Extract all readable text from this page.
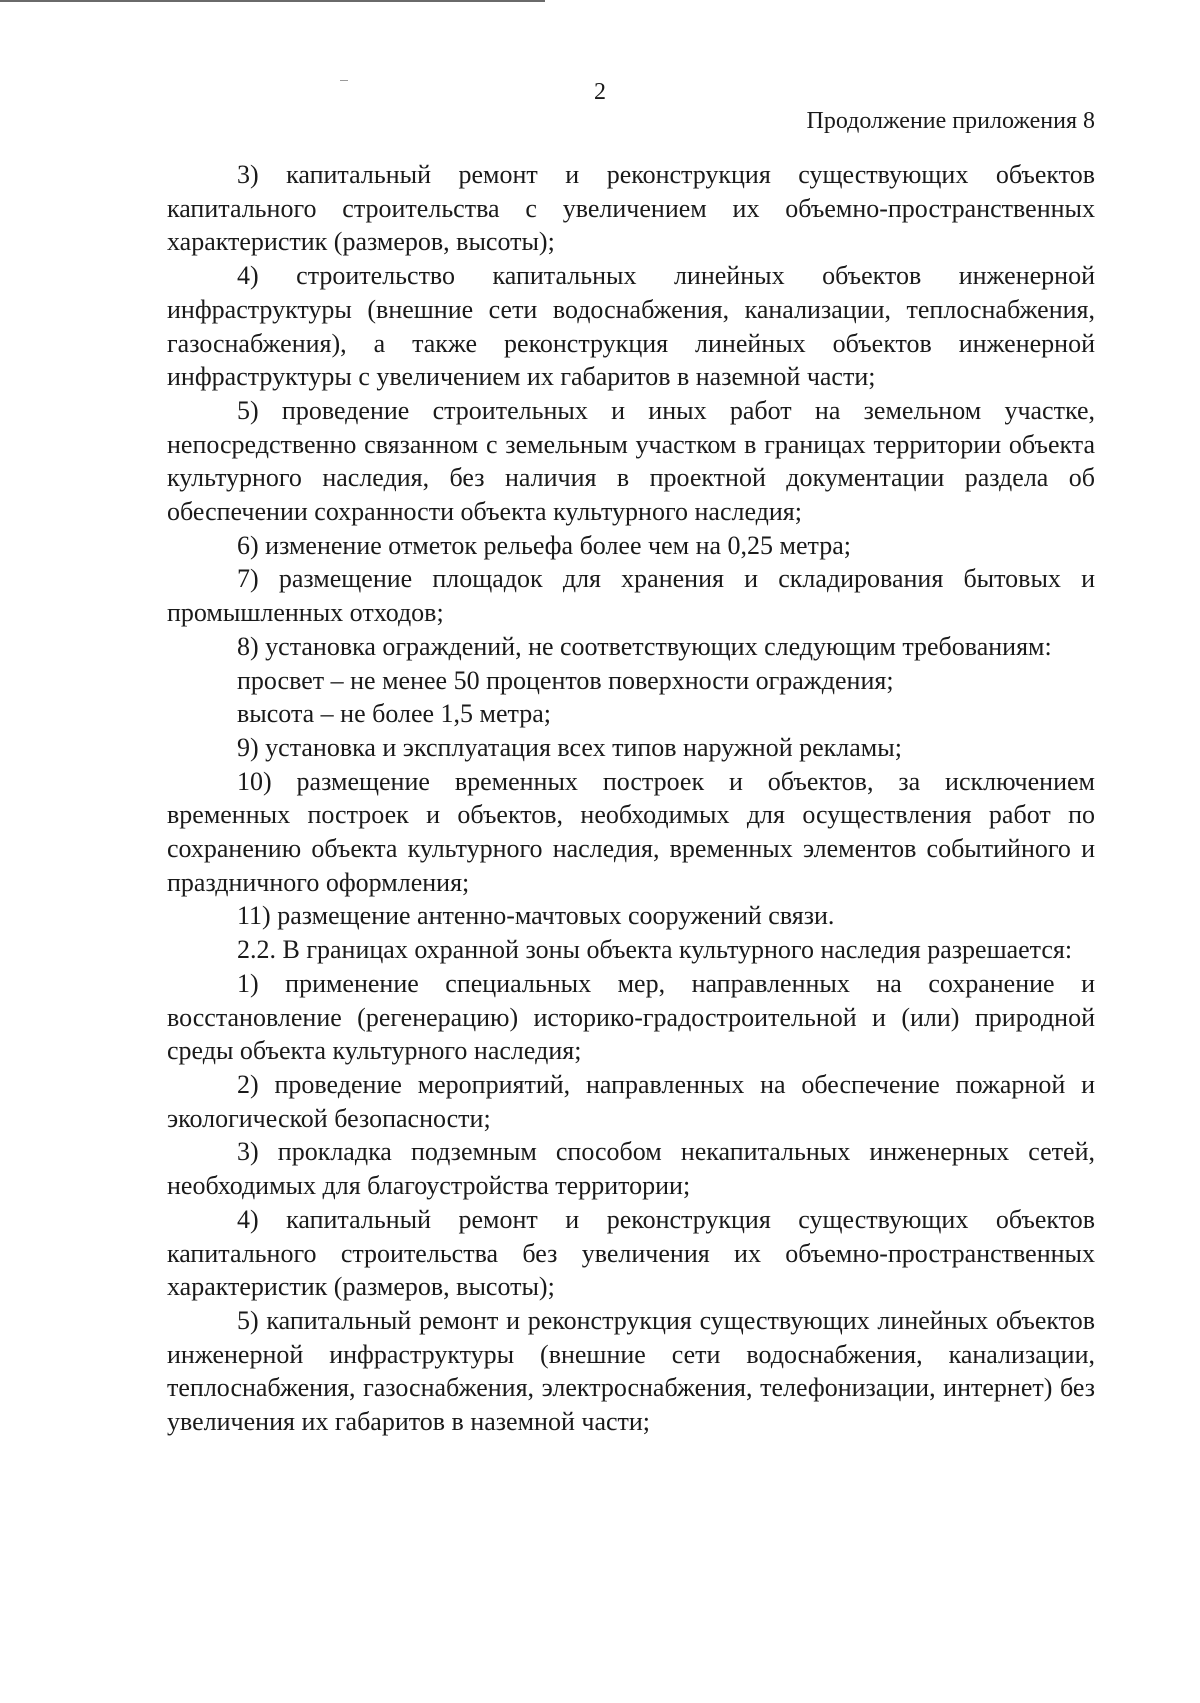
2
Продолжение приложения 8

3) капитальный ремонт и реконструкция существующих объектов капитального строительства с увеличением их объемно-пространственных характеристик (размеров, высоты);

4) строительство капитальных линейных объектов инженерной инфраструктуры (внешние сети водоснабжения, канализации, теплоснабжения, газоснабжения), а также реконструкция линейных объектов инженерной инфраструктуры с увеличением их габаритов в наземной части;

5) проведение строительных и иных работ на земельном участке, непосредственно связанном с земельным участком в границах территории объекта культурного наследия, без наличия в проектной документации раздела об обеспечении сохранности объекта культурного наследия;

6) изменение отметок рельефа более чем на 0,25 метра;

7) размещение площадок для хранения и складирования бытовых и промышленных отходов;

8) установка ограждений, не соответствующих следующим требованиям:

просвет – не менее 50 процентов поверхности ограждения;

высота – не более 1,5 метра;

9) установка и эксплуатация всех типов наружной рекламы;

10) размещение временных построек и объектов, за исключением временных построек и объектов, необходимых для осуществления работ по сохранению объекта культурного наследия, временных элементов событийного и праздничного оформления;

11) размещение антенно-мачтовых сооружений связи.

2.2. В границах охранной зоны объекта культурного наследия разрешается:

1) применение специальных мер, направленных на сохранение и восстановление (регенерацию) историко-градостроительной и (или) природной среды объекта культурного наследия;

2) проведение мероприятий, направленных на обеспечение пожарной и экологической безопасности;

3) прокладка подземным способом некапитальных инженерных сетей, необходимых для благоустройства территории;

4) капитальный ремонт и реконструкция существующих объектов капитального строительства без увеличения их объемно-пространственных характеристик (размеров, высоты);

5) капитальный ремонт и реконструкция существующих линейных объектов инженерной инфраструктуры (внешние сети водоснабжения, канализации, теплоснабжения, газоснабжения, электроснабжения, телефонизации, интернет) без увеличения их габаритов в наземной части;
